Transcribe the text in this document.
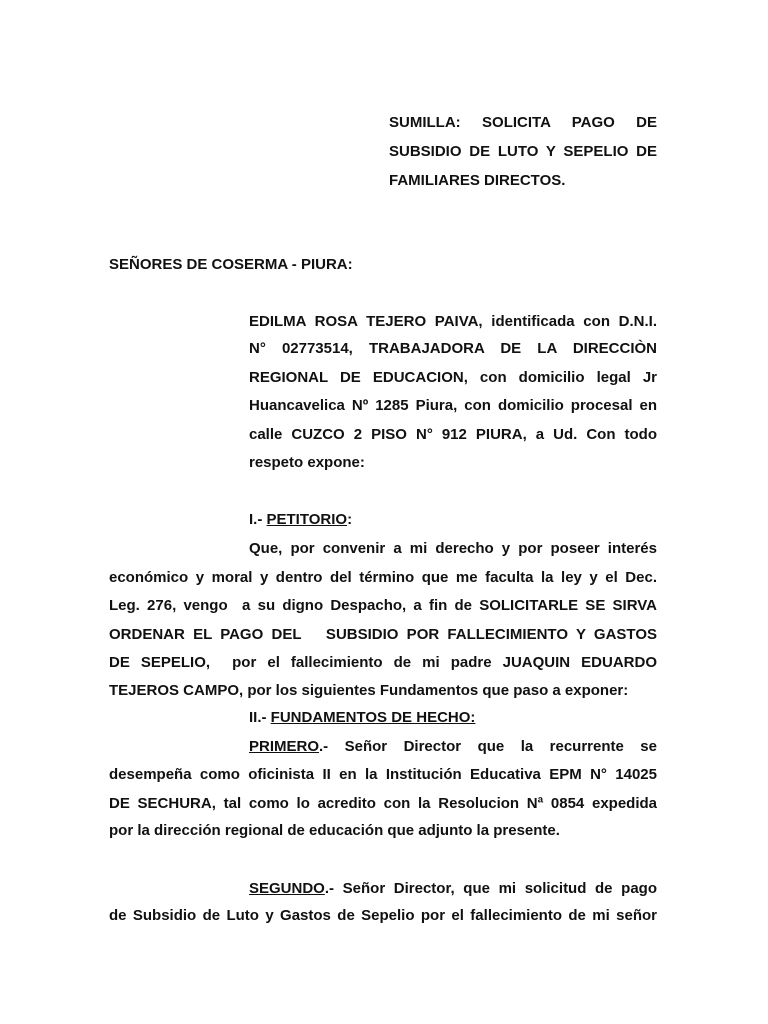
SUMILLA:  SOLICITA  PAGO  DE
SUBSIDIO DE LUTO Y SEPELIO DE
FAMILIARES DIRECTOS.
SEÑORES DE COSERMA - PIURA:
EDILMA ROSA TEJERO PAIVA, identificada con D.N.I.
N°  02773514,  TRABAJADORA  DE  LA  DIRECCIÒN
REGIONAL DE EDUCACION, con domicilio legal Jr
Huancavelica Nº 1285 Piura, con domicilio procesal en
calle CUZCO 2 PISO N° 912 PIURA, a Ud. Con todo
respeto expone:
I.- PETITORIO:
Que, por convenir a mi derecho y por poseer interés
económico y moral y dentro del término que me faculta la ley y el Dec.
Leg. 276, vengo  a su digno Despacho, a fin de SOLICITARLE SE SIRVA
ORDENAR EL PAGO DEL   SUBSIDIO POR FALLECIMIENTO Y GASTOS
DE SEPELIO,  por el fallecimiento de mi padre JUAQUIN EDUARDO
TEJEROS CAMPO, por los siguientes Fundamentos que paso a exponer:
II.- FUNDAMENTOS DE HECHO:
PRIMERO.- Señor Director que la recurrente se
desempeña como oficinista II en la Institución Educativa EPM N° 14025
DE SECHURA, tal como lo acredito con la Resolucion Nª 0854 expedida
por la dirección regional de educación que adjunto la presente.
SEGUNDO.- Señor Director, que mi solicitud de pago
de Subsidio de Luto y Gastos de Sepelio por el fallecimiento de mi señor
